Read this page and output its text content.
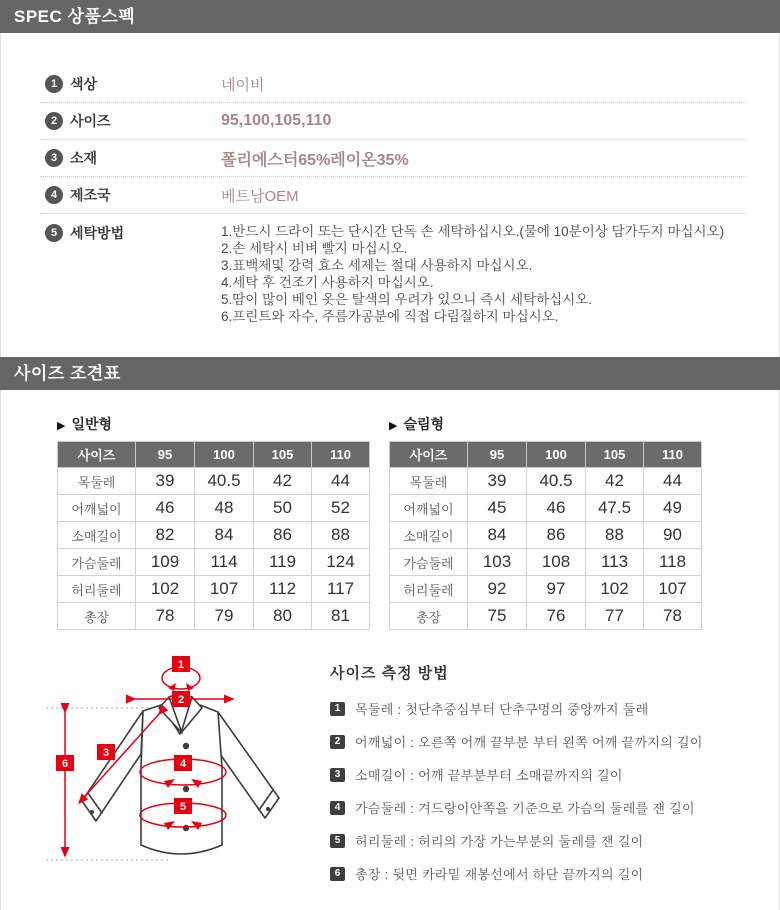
SPEC 상품스펙
1 색상	네이비
2 사이즈	95,100,105,110
3 소재	폴리에스터65%레이온35%
4 제조국	베트남OEM
5 세탁방법	1.반드시 드라이 또는 단시간 단독 손 세탁하십시오.(물에 10분이상 담가두지 마십시오)
2.손 세탁시 비벼 빨지 마십시오.
3.표백제및 강력 효소 세제는 절대 사용하지 마십시오.
4.세탁 후 건조기 사용하지 마십시오.
5.땀이 많이 베인 옷은 탈색의 우려가 있으니 즉시 세탁하십시오.
6.프린트와 자수, 주름가공분에 직접 다림질하지 마십시오.
사이즈 조견표
▶ 일반형	▶ 슬림형
사이즈	95	100	105	110
목둘레	39	40.5	42	44
어깨넓이	46	48	50	52
소매길이	82	84	86	88
가슴둘레	109	114	119	124
허리둘레	102	107	112	117
총장	78	79	80	81
사이즈	95	100	105	110
목둘레	39	40.5	42	44
어깨넓이	45	46	47.5	49
소매길이	84	86	88	90
가슴둘레	103	108	113	118
허리둘레	92	97	102	107
총장	75	76	77	78
1
2
3
4
5
6
사이즈 측정 방법
1	목둘레 : 첫단추중심부터 단추구멍의 중앙까지 둘레
2	어깨넓이 : 오른쪽 어깨 끝부분 부터 왼쪽 어깨 끝까지의 길이
3	소매길이 : 어깨 끝부분부터 소매끝까지의 길이
4	가슴둘레 : 겨드랑이안쪽을 기준으로 가슴의 둘레를 잰 길이
5	허리둘레 : 허리의 가장 가는부분의 둘레를 잰 길이
6	총장 : 뒷면 카라밑 재봉선에서 하단 끝까지의 길이
